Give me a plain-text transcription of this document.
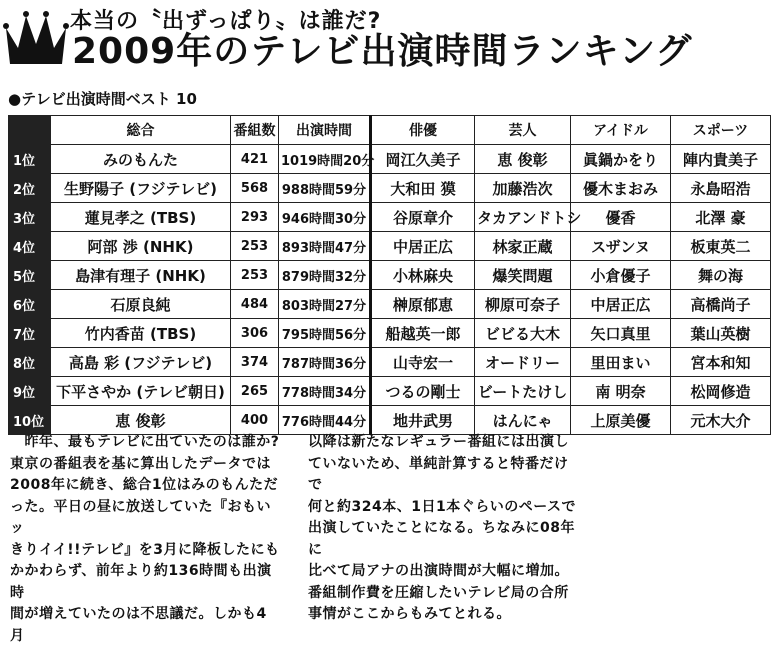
本当の〝出ずっぱり〟は誰だ?
2009年のテレビ出演時間ランキング
●テレビ出演時間ベスト 10
	総合	番組数	出演時間	俳優	芸人	アイドル	スポーツ
1位	みのもんた	421	1019時間20分	岡江久美子	恵 俊彰	眞鍋かをり	陣内貴美子
2位	生野陽子 (フジテレビ)	568	988時間59分	大和田 獏	加藤浩次	優木まおみ	永島昭浩
3位	蓮見孝之 (TBS)	293	946時間30分	谷原章介	タカアンドトシ	優香	北澤 豪
4位	阿部 渉 (NHK)	253	893時間47分	中居正広	林家正蔵	スザンヌ	板東英二
5位	島津有理子 (NHK)	253	879時間32分	小林麻央	爆笑問題	小倉優子	舞の海
6位	石原良純	484	803時間27分	榊原郁恵	柳原可奈子	中居正広	高橋尚子
7位	竹内香苗 (TBS)	306	795時間56分	船越英一郎	ビビる大木	矢口真里	葉山英樹
8位	高島 彩 (フジテレビ)	374	787時間36分	山寺宏一	オードリー	里田まい	宮本和知
9位	下平さやか (テレビ朝日)	265	778時間34分	つるの剛士	ビートたけし	南 明奈	松岡修造
10位	恵 俊彰	400	776時間44分	地井武男	はんにゃ	上原美優	元木大介
　昨年、最もテレビに出ていたのは誰か?
東京の番組表を基に算出したデータでは
2008年に続き、総合1位はみのもんただ
った。平日の昼に放送していた『おもいッ
きりイイ!!テレビ』を3月に降板したにも
かかわらず、前年より約136時間も出演時
間が増えていたのは不思議だ。しかも4月
以降は新たなレギュラー番組には出演し
ていないため、単純計算すると特番だけで
何と約324本、1日1本ぐらいのペースで
出演していたことになる。ちなみに08年に
比べて局アナの出演時間が大幅に増加。
番組制作費を圧縮したいテレビ局の合所
事情がここからもみてとれる。
